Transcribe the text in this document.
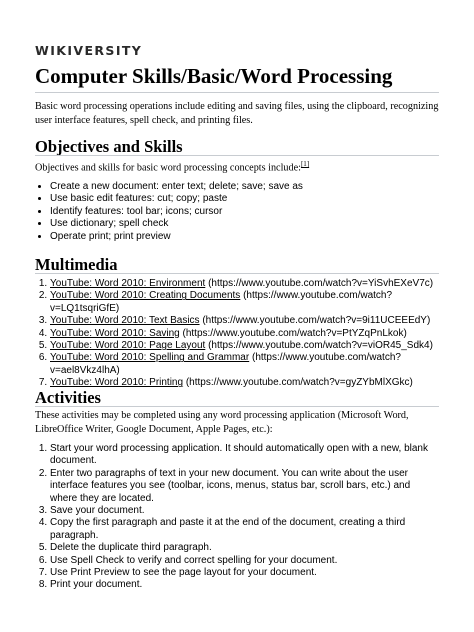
WIKIVERSITY
Computer Skills/Basic/Word Processing

Basic word processing operations include editing and saving files, using the clipboard, recognizing user interface features, spell check, and printing files.

Objectives and Skills

Objectives and skills for basic word processing concepts include:[1]

• Create a new document: enter text; delete; save; save as
• Use basic edit features: cut; copy; paste
• Identify features: tool bar; icons; cursor
• Use dictionary; spell check
• Operate print; print preview
Multimedia
1. YouTube: Word 2010: Environment (https://www.youtube.com/watch?v=YiSvhEXeV7c)
2. YouTube: Word 2010: Creating Documents (https://www.youtube.com/watch?v=LQ1tsqriGfE)
3. YouTube: Word 2010: Text Basics (https://www.youtube.com/watch?v=9i11UCEEEdY)
4. YouTube: Word 2010: Saving (https://www.youtube.com/watch?v=PtYZqPnLkok)
5. YouTube: Word 2010: Page Layout (https://www.youtube.com/watch?v=viOR45_Sdk4)
6. YouTube: Word 2010: Spelling and Grammar (https://www.youtube.com/watch?v=ael8Vkz4lhA)
7. YouTube: Word 2010: Printing (https://www.youtube.com/watch?v=gyZYbMlXGkc)
Activities

These activities may be completed using any word processing application (Microsoft Word, LibreOffice Writer, Google Document, Apple Pages, etc.):

1. Start your word processing application. It should automatically open with a new, blank document.
2. Enter two paragraphs of text in your new document. You can write about the user interface features you see (toolbar, icons, menus, status bar, scroll bars, etc.) and where they are located.
3. Save your document.
4. Copy the first paragraph and paste it at the end of the document, creating a third paragraph.
5. Delete the duplicate third paragraph.
6. Use Spell Check to verify and correct spelling for your document.
7. Use Print Preview to see the page layout for your document.
8. Print your document.
